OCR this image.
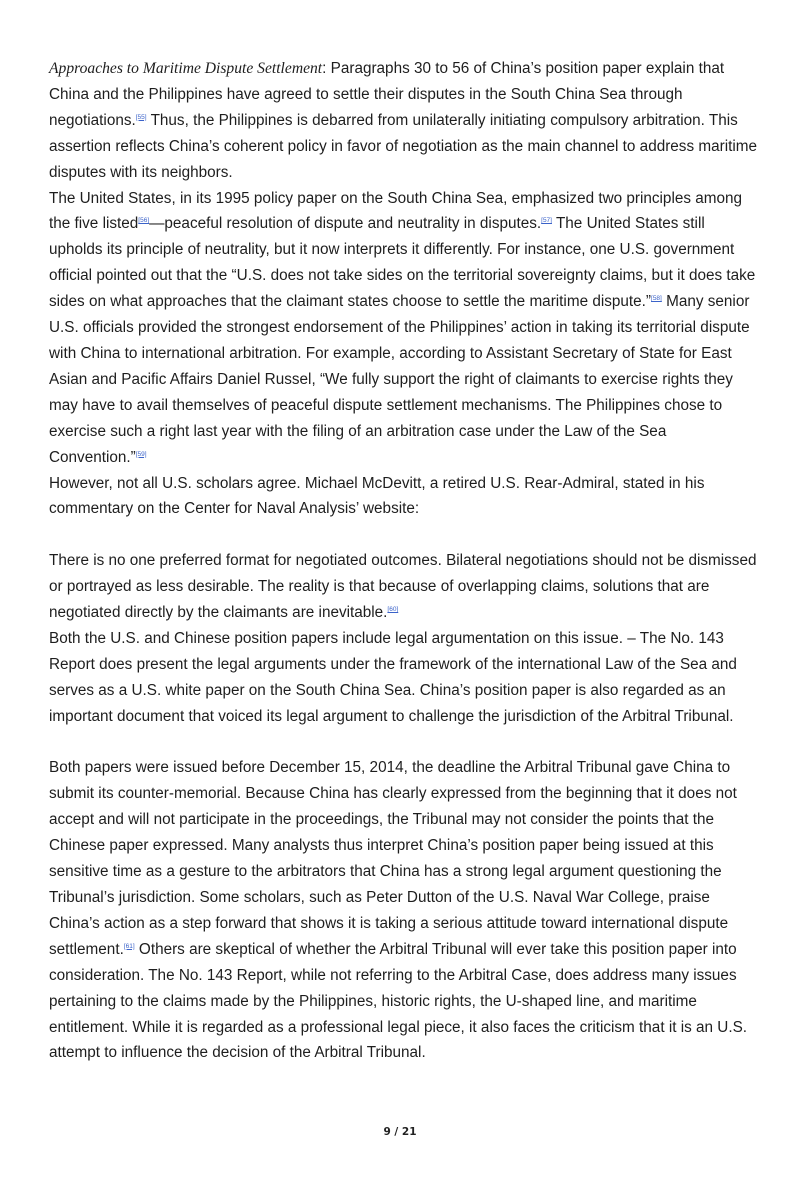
Approaches to Maritime Dispute Settlement: Paragraphs 30 to 56 of China’s position paper explain that China and the Philippines have agreed to settle their disputes in the South China Sea through negotiations.[55] Thus, the Philippines is debarred from unilaterally initiating compulsory arbitration. This assertion reflects China’s coherent policy in favor of negotiation as the main channel to address maritime disputes with its neighbors.

The United States, in its 1995 policy paper on the South China Sea, emphasized two principles among the five listed[56]—peaceful resolution of dispute and neutrality in disputes.[57] The United States still upholds its principle of neutrality, but it now interprets it differently. For instance, one U.S. government official pointed out that the “U.S. does not take sides on the territorial sovereignty claims, but it does take sides on what approaches that the claimant states choose to settle the maritime dispute.”[58] Many senior U.S. officials provided the strongest endorsement of the Philippines’ action in taking its territorial dispute with China to international arbitration. For example, according to Assistant Secretary of State for East Asian and Pacific Affairs Daniel Russel, “We fully support the right of claimants to exercise rights they may have to avail themselves of peaceful dispute settlement mechanisms. The Philippines chose to exercise such a right last year with the filing of an arbitration case under the Law of the Sea Convention.”[59]

However, not all U.S. scholars agree. Michael McDevitt, a retired U.S. Rear-Admiral, stated in his commentary on the Center for Naval Analysis’ website:

There is no one preferred format for negotiated outcomes. Bilateral negotiations should not be dismissed or portrayed as less desirable. The reality is that because of overlapping claims, solutions that are negotiated directly by the claimants are inevitable.[60]

Both the U.S. and Chinese position papers include legal argumentation on this issue. – The No. 143 Report does present the legal arguments under the framework of the international Law of the Sea and serves as a U.S. white paper on the South China Sea. China’s position paper is also regarded as an important document that voiced its legal argument to challenge the jurisdiction of the Arbitral Tribunal.

Both papers were issued before December 15, 2014, the deadline the Arbitral Tribunal gave China to submit its counter-memorial. Because China has clearly expressed from the beginning that it does not accept and will not participate in the proceedings, the Tribunal may not consider the points that the Chinese paper expressed. Many analysts thus interpret China’s position paper being issued at this sensitive time as a gesture to the arbitrators that China has a strong legal argument questioning the Tribunal’s jurisdiction. Some scholars, such as Peter Dutton of the U.S. Naval War College, praise China’s action as a step forward that shows it is taking a serious attitude toward international dispute settlement.[61] Others are skeptical of whether the Arbitral Tribunal will ever take this position paper into consideration. The No. 143 Report, while not referring to the Arbitral Case, does address many issues pertaining to the claims made by the Philippines, historic rights, the U-shaped line, and maritime entitlement. While it is regarded as a professional legal piece, it also faces the criticism that it is an U.S. attempt to influence the decision of the Arbitral Tribunal.

9 / 21
